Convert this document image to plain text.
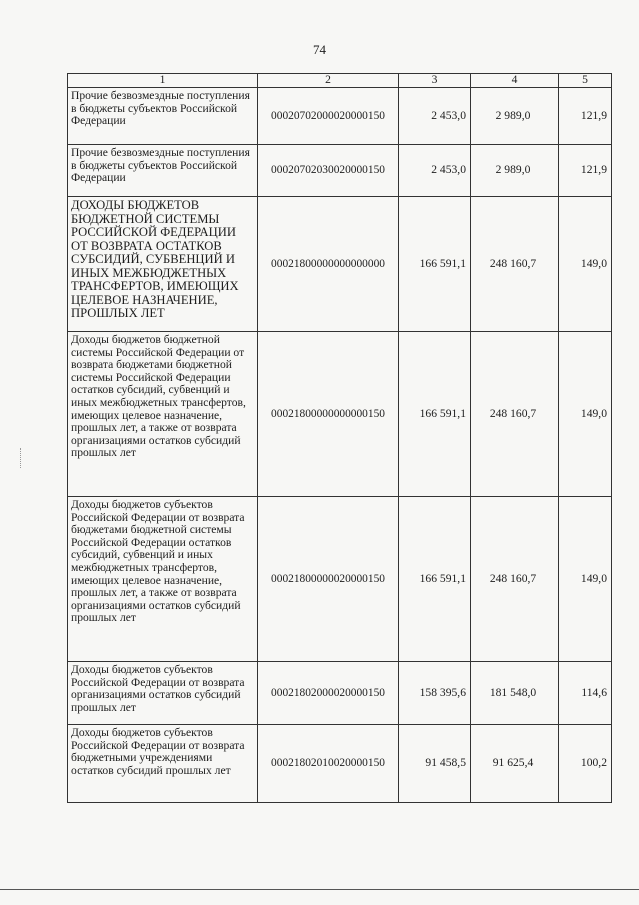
74
1	2	3	4	5
Прочие безвозмездные поступления в бюджеты субъектов Российской Федерации	00020702000020000150	2 453,0	2 989,0	121,9
Прочие безвозмездные поступления в бюджеты субъектов Российской Федерации	00020702030020000150	2 453,0	2 989,0	121,9
ДОХОДЫ БЮДЖЕТОВ БЮДЖЕТНОЙ СИСТЕМЫ РОССИЙСКОЙ ФЕДЕРАЦИИ ОТ ВОЗВРАТА ОСТАТКОВ СУБСИДИЙ, СУБВЕНЦИЙ И ИНЫХ МЕЖБЮДЖЕТНЫХ ТРАНСФЕРТОВ, ИМЕЮЩИХ ЦЕЛЕВОЕ НАЗНАЧЕНИЕ, ПРОШЛЫХ ЛЕТ	00021800000000000000	166 591,1	248 160,7	149,0
Доходы бюджетов бюджетной системы Российской Федерации от возврата бюджетами бюджетной системы Российской Федерации остатков субсидий, субвенций и иных межбюджетных трансфертов, имеющих целевое назначение, прошлых лет, а также от возврата организациями остатков субсидий прошлых лет	00021800000000000150	166 591,1	248 160,7	149,0
Доходы бюджетов субъектов Российской Федерации от возврата бюджетами бюджетной системы Российской Федерации остатков субсидий, субвенций и иных межбюджетных трансфертов, имеющих целевое назначение, прошлых лет, а также от возврата организациями остатков субсидий прошлых лет	00021800000020000150	166 591,1	248 160,7	149,0
Доходы бюджетов субъектов Российской Федерации от возврата организациями остатков субсидий прошлых лет	00021802000020000150	158 395,6	181 548,0	114,6
Доходы бюджетов субъектов Российской Федерации от возврата бюджетными учреждениями остатков субсидий прошлых лет	00021802010020000150	91 458,5	91 625,4	100,2
